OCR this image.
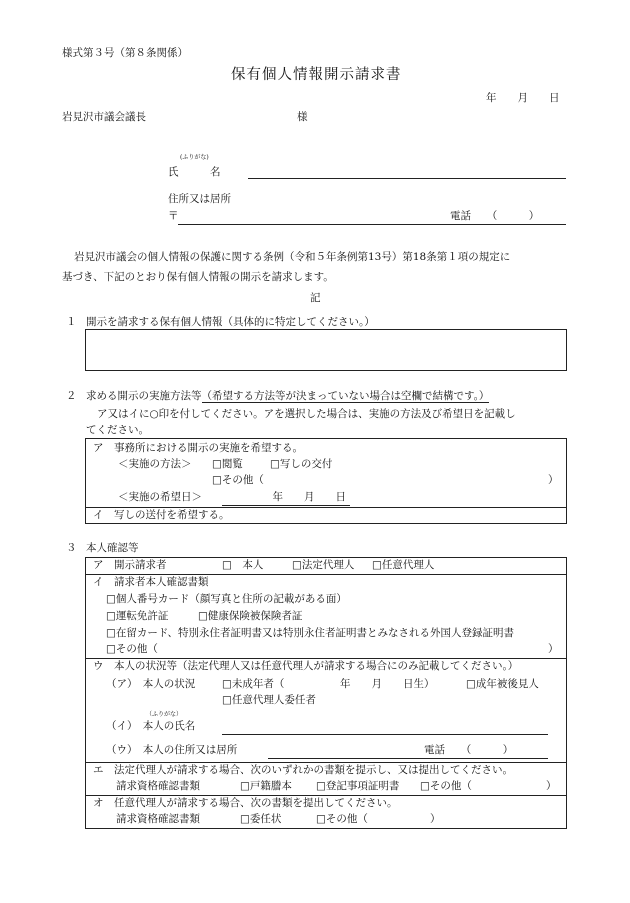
様式第３号（第８条関係）
保有個人情報開示請求書
年　　月　　日
岩見沢市議会議長	様
(ふりがな)
氏　　　名
住所又は居所
〒	電話　　（　　　）
岩見沢市議会の個人情報の保護に関する条例（令和５年条例第13号）第18条第１項の規定に
基づき、下記のとおり保有個人情報の開示を請求します。
記
１ 開示を請求する保有個人情報（具体的に特定してください。）
２ 求める開示の実施方法等（希望する方法等が決まっていない場合は空欄で結構です。）
ア又はイに○印を付してください。アを選択した場合は、実施の方法及び希望日を記載し
てください。
ア　事務所における開示の実施を希望する。
＜実施の方法＞ □閲覧	□写しの交付
□その他（	）
＜実施の希望日＞	年　　月　　日
イ　写しの送付を希望する。
３ 本人確認等
ア　開示請求者	□　本人	□法定代理人 □任意代理人
イ　請求者本人確認書類
□個人番号カード（顔写真と住所の記載がある面）
□運転免許証	□健康保険被保険者証
□在留カード、特別永住者証明書又は特別永住者証明書とみなされる外国人登録証明書
□その他（	）
ウ　本人の状況等（法定代理人又は任意代理人が請求する場合にのみ記載してください。）
（ア）　本人の状況	□未成年者（	年　　月　　日生）	□成年被後見人
□任意代理人委任者
（ふりがな）
（イ）　本人の氏名
（ウ）　本人の住所又は居所	電話　　（　　　）
エ　法定代理人が請求する場合、次のいずれかの書類を提示し、又は提出してください。
請求資格確認書類	□戸籍謄本 □登記事項証明書 □その他（	）
オ　任意代理人が請求する場合、次の書類を提出してください。
請求資格確認書類	□委任状	□その他（	）
